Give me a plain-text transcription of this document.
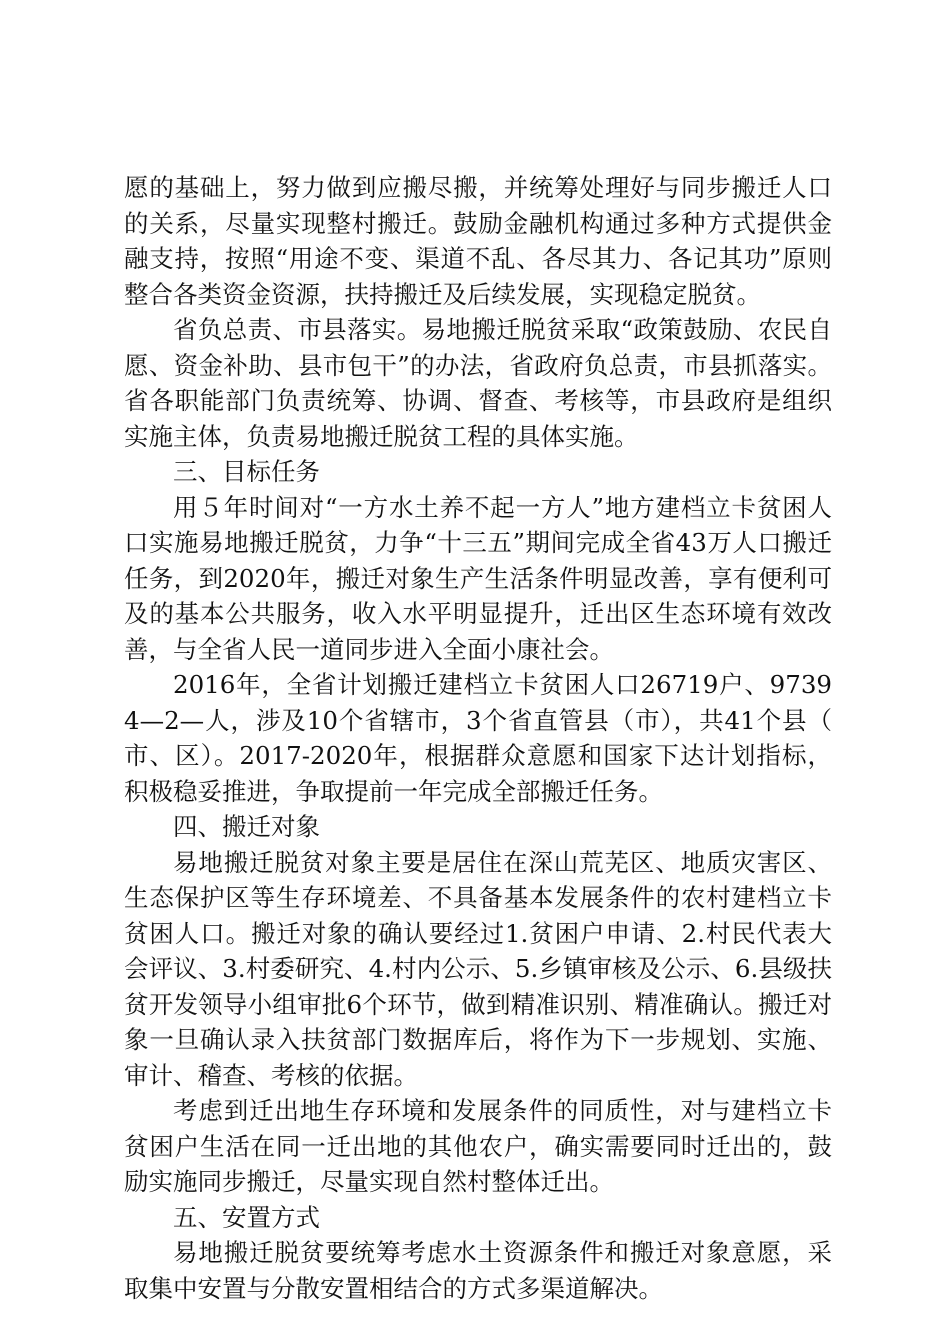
愿的基础上，努力做到应搬尽搬，并统筹处理好与同步搬迁人口的关系，尽量实现整村搬迁。鼓励金融机构通过多种方式提供金融支持，按照“用途不变、渠道不乱、各尽其力、各记其功”原则整合各类资金资源，扶持搬迁及后续发展，实现稳定脱贫。

省负总责、市县落实。易地搬迁脱贫采取“政策鼓励、农民自愿、资金补助、县市包干”的办法，省政府负总责，市县抓落实。省各职能部门负责统筹、协调、督查、考核等，市县政府是组织实施主体，负责易地搬迁脱贫工程的具体实施。

三、目标任务

用５年时间对“一方水土养不起一方人”地方建档立卡贫困人口实施易地搬迁脱贫，力争“十三五”期间完成全省43万人口搬迁任务，到2020年，搬迁对象生产生活条件明显改善，享有便利可及的基本公共服务，收入水平明显提升，迁出区生态环境有效改善，与全省人民一道同步进入全面小康社会。

2016年，全省计划搬迁建档立卡贫困人口26719户、97394—2—人，涉及10个省辖市，3个省直管县（市），共41个县（市、区）。2017-2020年，根据群众意愿和国家下达计划指标，积极稳妥推进，争取提前一年完成全部搬迁任务。

四、搬迁对象

易地搬迁脱贫对象主要是居住在深山荒芜区、地质灾害区、生态保护区等生存环境差、不具备基本发展条件的农村建档立卡贫困人口。搬迁对象的确认要经过1.贫困户申请、2.村民代表大会评议、3.村委研究、4.村内公示、5.乡镇审核及公示、6.县级扶贫开发领导小组审批6个环节，做到精准识别、精准确认。搬迁对象一旦确认录入扶贫部门数据库后，将作为下一步规划、实施、审计、稽查、考核的依据。

考虑到迁出地生存环境和发展条件的同质性，对与建档立卡贫困户生活在同一迁出地的其他农户，确实需要同时迁出的，鼓励实施同步搬迁，尽量实现自然村整体迁出。

五、安置方式

易地搬迁脱贫要统筹考虑水土资源条件和搬迁对象意愿，采取集中安置与分散安置相结合的方式多渠道解决。
